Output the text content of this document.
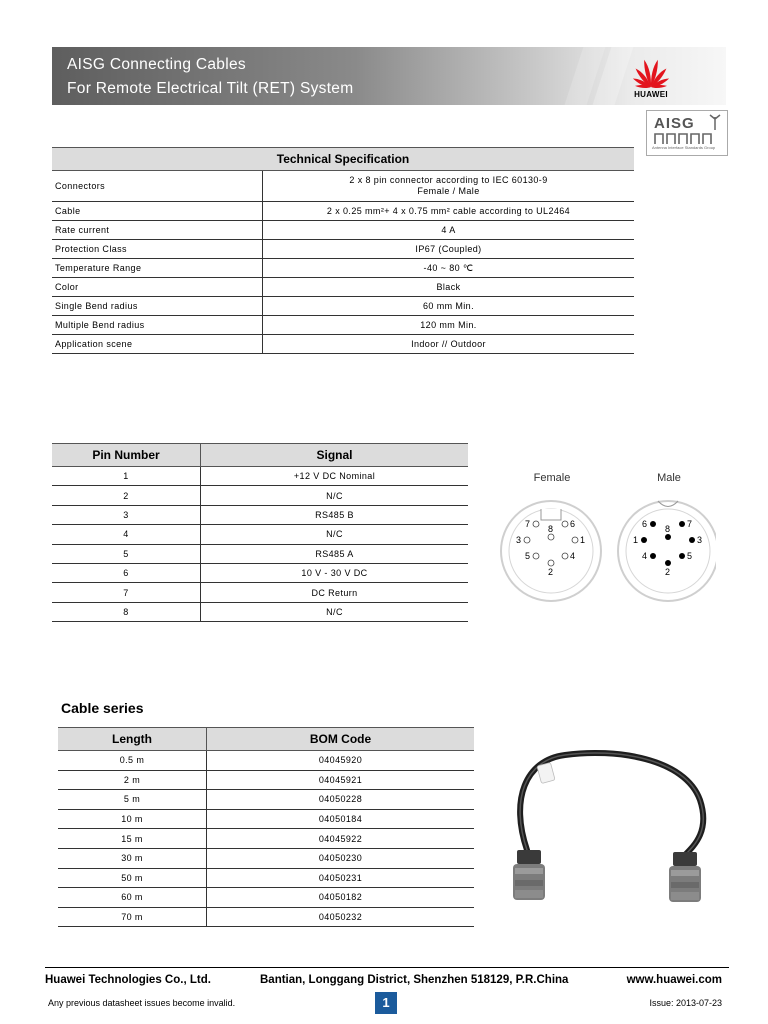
AISG Connecting Cables
For Remote Electrical Tilt (RET) System	HUAWEI
AISG
Antenna Interface Standards Group
Technical Specification	
Connectors	2 x 8 pin connector according to IEC 60130-9
Female / Male

Cable	2 x 0.25 mm²+ 4 x 0.75 mm² cable according to UL2464
Rate current	4 A
Protection Class	IP67 (Coupled)
Temperature Range	-40 ~ 80 ℃
Color	Black
Single Bend radius	60 mm Min.
Multiple Bend radius	120 mm Min.
Application scene	Indoor // Outdoor
Pin Number	Signal
1	+12 V DC Nominal
2	N/C
3	RS485 B
4	N/C
5	RS485 A
6	10 V - 30 V DC
7	DC Return
8	N/C
Female	Male
7	6
8
3	1
5	4
2
6	7
8
1	3
4	5
2
Cable series
Length	BOM Code
0.5 m	04045920
2 m	04045921
5 m	04050228
10 m	04050184
15 m	04045922
30 m	04050230
50 m	04050231
60 m	04050182
70 m	04050232
Huawei Technologies Co., Ltd.	Bantian, Longgang District, Shenzhen 518129, P.R.China	www.huawei.com
Any previous datasheet issues become invalid.	1	Issue: 2013-07-23
